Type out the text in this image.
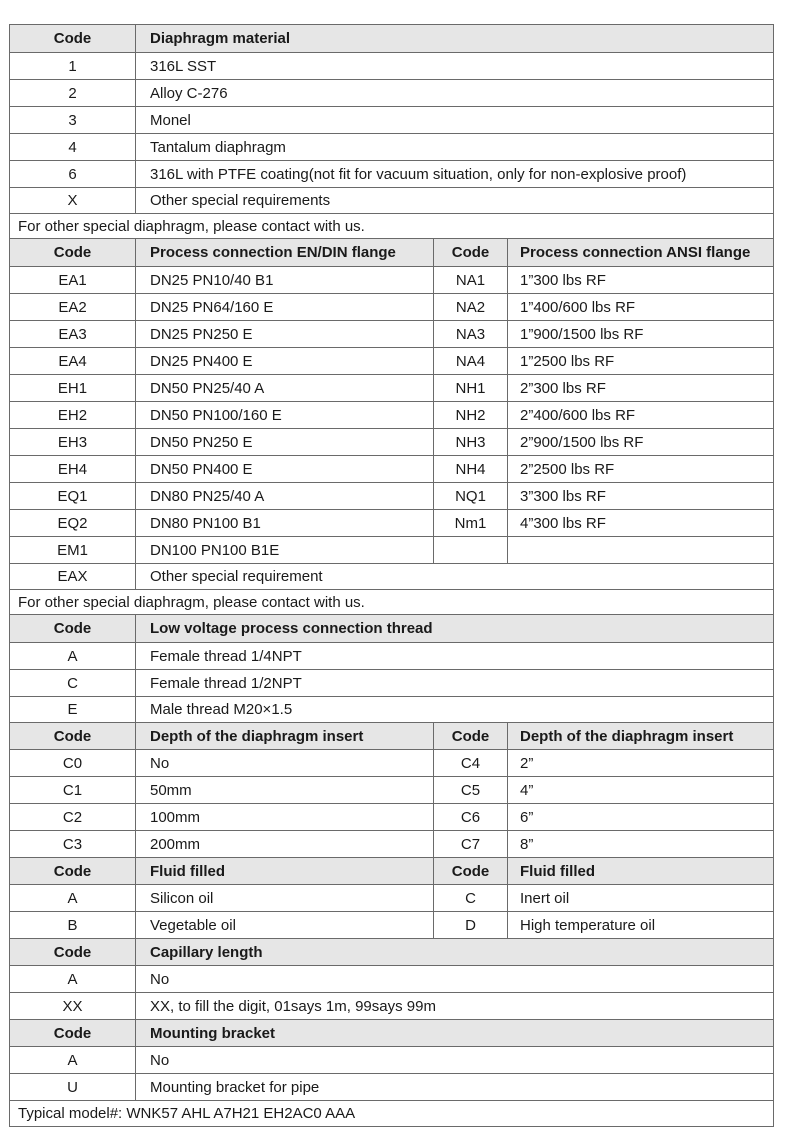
Code	Diaphragm material		
1	316L SST		
2	Alloy C-276		
3	Monel		
4	Tantalum diaphragm		
6	316L with PTFE coating(not fit for vacuum situation, only for non-explosive proof)		
X	Other special requirements		
For other special diaphragm, please contact with us.			
Code	Process connection EN/DIN flange	Code	Process connection ANSI flange
EA1	DN25 PN10/40 B1	NA1	1”300 lbs RF
EA2	DN25 PN64/160 E	NA2	1”400/600 lbs RF
EA3	DN25 PN250 E	NA3	1”900/1500 lbs RF
EA4	DN25 PN400 E	NA4	1”2500 lbs RF
EH1	DN50 PN25/40 A	NH1	2”300 lbs RF
EH2	DN50 PN100/160 E	NH2	2”400/600 lbs RF
EH3	DN50 PN250 E	NH3	2”900/1500 lbs RF
EH4	DN50 PN400 E	NH4	2”2500 lbs RF
EQ1	DN80 PN25/40 A	NQ1	3”300 lbs RF
EQ2	DN80 PN100 B1	Nm1	4”300 lbs RF
EM1	DN100 PN100 B1E		
EAX	Other special requirement		
For other special diaphragm, please contact with us.			
Code	Low voltage process connection thread		
A	Female thread 1/4NPT		
C	Female thread 1/2NPT		
E	Male thread M20×1.5		
Code	Depth of the diaphragm insert	Code	Depth of the diaphragm insert
C0	No	C4	2”
C1	50mm	C5	4”
C2	100mm	C6	6”
C3	200mm	C7	8”
Code	Fluid filled	Code	Fluid filled
A	Silicon oil	C	Inert oil
B	Vegetable oil	D	High temperature oil
Code	Capillary length		
A	No		
XX	XX, to fill the digit, 01says 1m, 99says 99m		
Code	Mounting bracket		
A	No		
U	Mounting bracket for pipe		
Typical model#: WNK57 AHL A7H21 EH2AC0 AAA			
